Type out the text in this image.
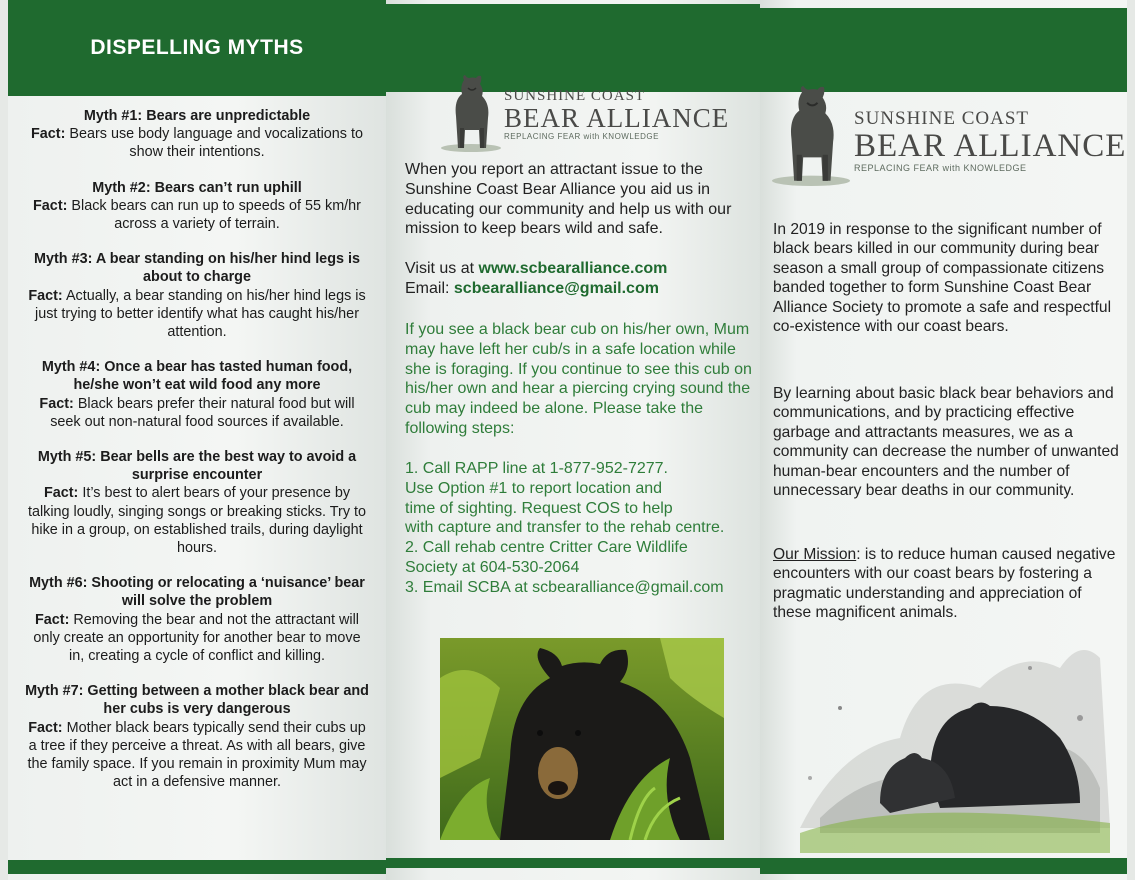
DISPELLING MYTHS
Myth #1: Bears are unpredictable
Fact: Bears use body language and vocalizations to show their intentions.
Myth #2: Bears can’t run uphill
Fact: Black bears can run up to speeds of 55 km/hr across a variety of terrain.
Myth #3: A bear standing on his/her hind legs is about to charge
Fact: Actually, a bear standing on his/her hind legs is just trying to better identify what has caught his/her attention.
Myth #4: Once a bear has tasted human food, he/she won’t eat wild food any more
Fact: Black bears prefer their natural food but will seek out non-natural food sources if available.
Myth #5: Bear bells are the best way to avoid a surprise encounter
Fact: It’s best to alert bears of your presence by talking loudly, singing songs or breaking sticks. Try to hike in a group, on established trails, during daylight hours.
Myth #6: Shooting or relocating a ‘nuisance’ bear will solve the problem
Fact: Removing the bear and not the attractant will only create an opportunity for another bear to move in, creating a cycle of conflict and killing.
Myth #7: Getting between a mother black bear and her cubs is very dangerous
Fact: Mother black bears typically send their cubs up a tree if they perceive a threat. As with all bears, give the family space. If you remain in proximity Mum may act in a defensive manner.
SUNSHINE COAST
BEAR ALLIANCE
REPLACING FEAR with KNOWLEDGE
When you report an attractant issue to the Sunshine Coast Bear Alliance you aid us in educating our community and help us with our mission to keep bears wild and safe.
Visit us at www.scbearalliance.com
Email: scbearalliance@gmail.com
If you see a black bear cub on his/her own, Mum may have left her cub/s in a safe location while she is foraging. If you continue to see this cub on his/her own and hear a piercing crying sound the cub may indeed be alone. Please take the following steps:
1. Call RAPP line at 1-877-952-7277.
Use Option #1 to report location and
time of sighting. Request COS to help
with capture and transfer to the rehab centre.
2. Call rehab centre Critter Care Wildlife
Society at 604-530-2064
3. Email SCBA at scbearalliance@gmail.com
SUNSHINE COAST
BEAR ALLIANCE
REPLACING FEAR with KNOWLEDGE
In 2019 in response to the significant number of black bears killed in our community during bear season a small group of compassionate citizens banded together to form Sunshine Coast Bear Alliance Society to promote a safe and respectful co-existence with our coast bears.
By learning about basic black bear behaviors and communications, and by practicing effective garbage and attractants measures, we as a community can decrease the number of unwanted human-bear encounters and the number of unnecessary bear deaths in our community.
Our Mission: is to reduce human caused negative encounters with our coast bears by fostering a pragmatic understanding and appreciation of these magnificent animals.
